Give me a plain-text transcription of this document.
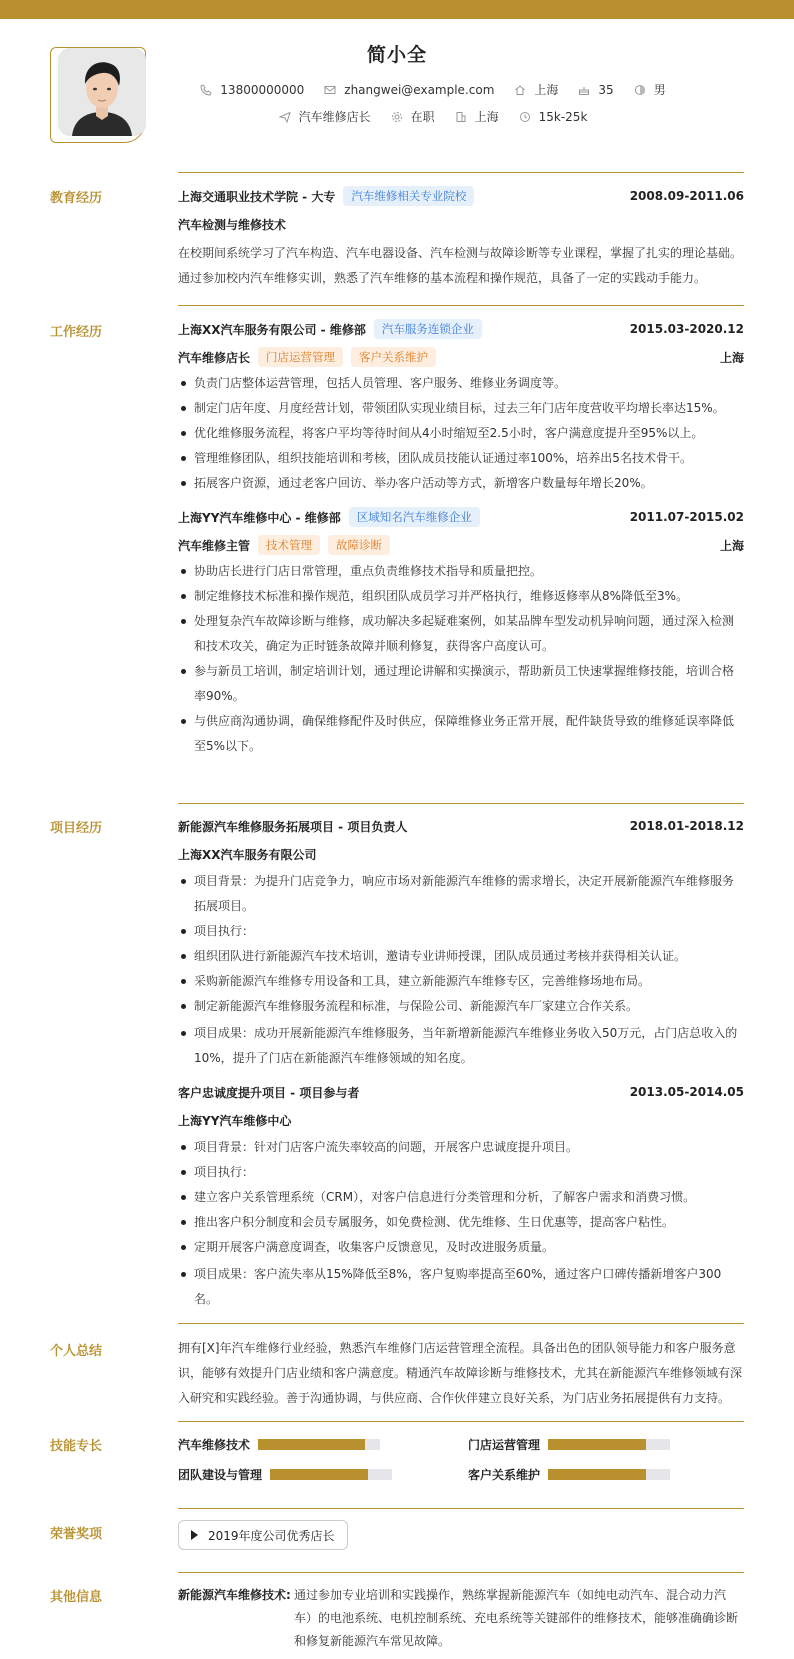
简小全
13800000000	zhangwei@example.com	上海	35	男
汽车维修店长	在职	上海	15k-25k
教育经历	上海交通职业技术学院 - 大专	汽车维修相关专业院校	2008.09-2011.06
汽车检测与维修技术
在校期间系统学习了汽车构造、汽车电器设备、汽车检测与故障诊断等专业课程，掌握了扎实的理论基础。通过参加校内汽车维修实训，熟悉了汽车维修的基本流程和操作规范，具备了一定的实践动手能力。
工作经历	上海XX汽车服务有限公司 - 维修部	汽车服务连锁企业	2015.03-2020.12
汽车维修店长	门店运营管理	客户关系维护	上海
负责门店整体运营管理，包括人员管理、客户服务、维修业务调度等。
制定门店年度、月度经营计划，带领团队实现业绩目标，过去三年门店年度营收平均增长率达15%。
优化维修服务流程，将客户平均等待时间从4小时缩短至2.5小时，客户满意度提升至95%以上。
管理维修团队，组织技能培训和考核，团队成员技能认证通过率100%，培养出5名技术骨干。
拓展客户资源，通过老客户回访、举办客户活动等方式，新增客户数量每年增长20%。
上海YY汽车维修中心 - 维修部	区域知名汽车维修企业	2011.07-2015.02
汽车维修主管	技术管理	故障诊断	上海
协助店长进行门店日常管理，重点负责维修技术指导和质量把控。
制定维修技术标准和操作规范，组织团队成员学习并严格执行，维修返修率从8%降低至3%。
处理复杂汽车故障诊断与维修，成功解决多起疑难案例，如某品牌车型发动机异响问题，通过深入检测和技术攻关，确定为正时链条故障并顺利修复，获得客户高度认可。
参与新员工培训，制定培训计划，通过理论讲解和实操演示，帮助新员工快速掌握维修技能，培训合格率90%。
与供应商沟通协调，确保维修配件及时供应，保障维修业务正常开展，配件缺货导致的维修延误率降低至5%以下。
项目经历	新能源汽车维修服务拓展项目 - 项目负责人	2018.01-2018.12
上海XX汽车服务有限公司
项目背景：为提升门店竞争力，响应市场对新能源汽车维修的需求增长，决定开展新能源汽车维修服务拓展项目。
项目执行：
组织团队进行新能源汽车技术培训，邀请专业讲师授课，团队成员通过考核并获得相关认证。
采购新能源汽车维修专用设备和工具，建立新能源汽车维修专区，完善维修场地布局。
制定新能源汽车维修服务流程和标准，与保险公司、新能源汽车厂家建立合作关系。
项目成果：成功开展新能源汽车维修服务，当年新增新能源汽车维修业务收入50万元，占门店总收入的10%，提升了门店在新能源汽车维修领域的知名度。
客户忠诚度提升项目 - 项目参与者	2013.05-2014.05
上海YY汽车维修中心
项目背景：针对门店客户流失率较高的问题，开展客户忠诚度提升项目。
项目执行：
建立客户关系管理系统（CRM），对客户信息进行分类管理和分析，了解客户需求和消费习惯。
推出客户积分制度和会员专属服务，如免费检测、优先维修、生日优惠等，提高客户粘性。
定期开展客户满意度调查，收集客户反馈意见，及时改进服务质量。
项目成果：客户流失率从15%降低至8%，客户复购率提高至60%，通过客户口碑传播新增客户300名。
个人总结	拥有[X]年汽车维修行业经验，熟悉汽车维修门店运营管理全流程。具备出色的团队领导能力和客户服务意识，能够有效提升门店业绩和客户满意度。精通汽车故障诊断与维修技术，尤其在新能源汽车维修领域有深入研究和实践经验。善于沟通协调，与供应商、合作伙伴建立良好关系，为门店业务拓展提供有力支持。
技能专长	汽车维修技术	门店运营管理
团队建设与管理	客户关系维护
荣誉奖项	2019年度公司优秀店长
其他信息	新能源汽车维修技术: 通过参加专业培训和实践操作，熟练掌握新能源汽车（如纯电动汽车、混合动力汽车）的电池系统、电机控制系统、充电系统等关键部件的维修技术，能够准确确诊断和修复新能源汽车常见故障。
